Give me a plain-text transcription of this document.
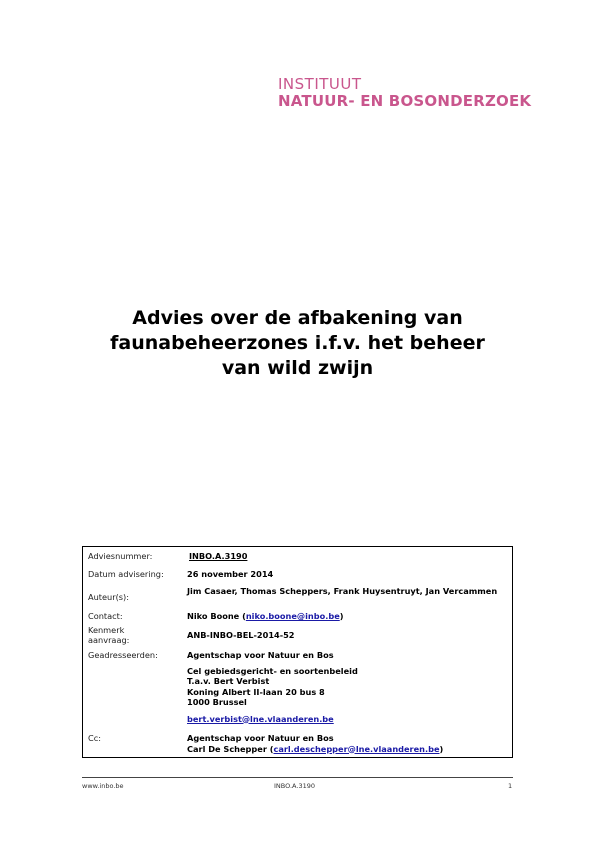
INSTITUUT
NATUUR- EN BOSONDERZOEK
Advies over de afbakening van
faunabeheerzones i.f.v. het beheer
van wild zwijn
Adviesnummer:	INBO.A.3190
Datum advisering:	26 november 2014
Auteur(s):
Jim Casaer, Thomas Scheppers, Frank Huysentruyt, Jan Vercammen
Contact:	Niko Boone (niko.boone@inbo.be)
Kenmerk
aanvraag:	ANB-INBO-BEL-2014-52
Geadresseerden:	Agentschap voor Natuur en Bos
Cel gebiedsgericht- en soortenbeleid
T.a.v. Bert Verbist
Koning Albert II-laan 20 bus 8
1000 Brussel
bert.verbist@lne.vlaanderen.be
Cc:	Agentschap voor Natuur en Bos
Carl De Schepper (carl.deschepper@lne.vlaanderen.be)
www.inbo.be	INBO.A.3190	1
